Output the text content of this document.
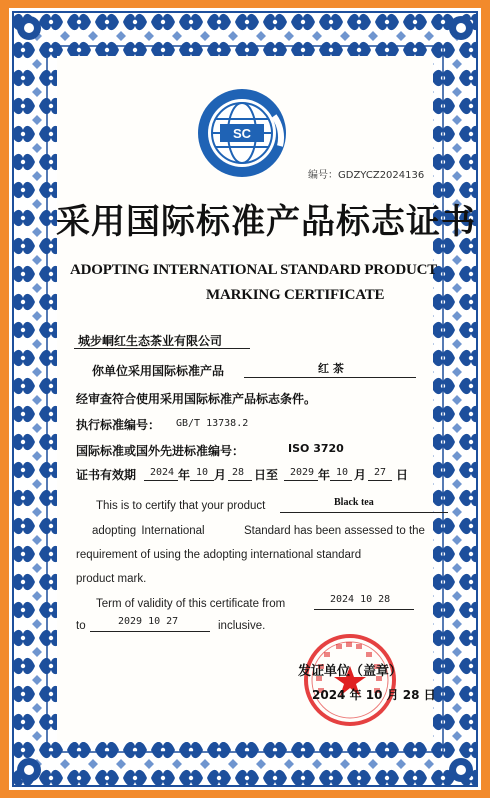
SC
编号：GDZYCZ2024136
采用国际标准产品标志证书
ADOPTING INTERNATIONAL STANDARD PRODUCT
MARKING CERTIFICATE
城步峒红生态茶业有限公司
你单位采用国际标准产品	红 茶
经审查符合使用采用国际标准产品标志条件。
执行标准编号： GB/T 13738.2
国际标准或国外先进标准编号：	ISO 3720
证书有效期 2024 年 10 月 28 日至 2029 年 10 月 27 日
This is to certify that your product	Black tea
adopting International	Standard has been assessed to the
requirement of using the adopting international standard
product mark.
Term of validity of this certificate from	2024 10 28
to	2029 10 27	inclusive.
发证单位（盖章）
2024 年 10 月 28 日
